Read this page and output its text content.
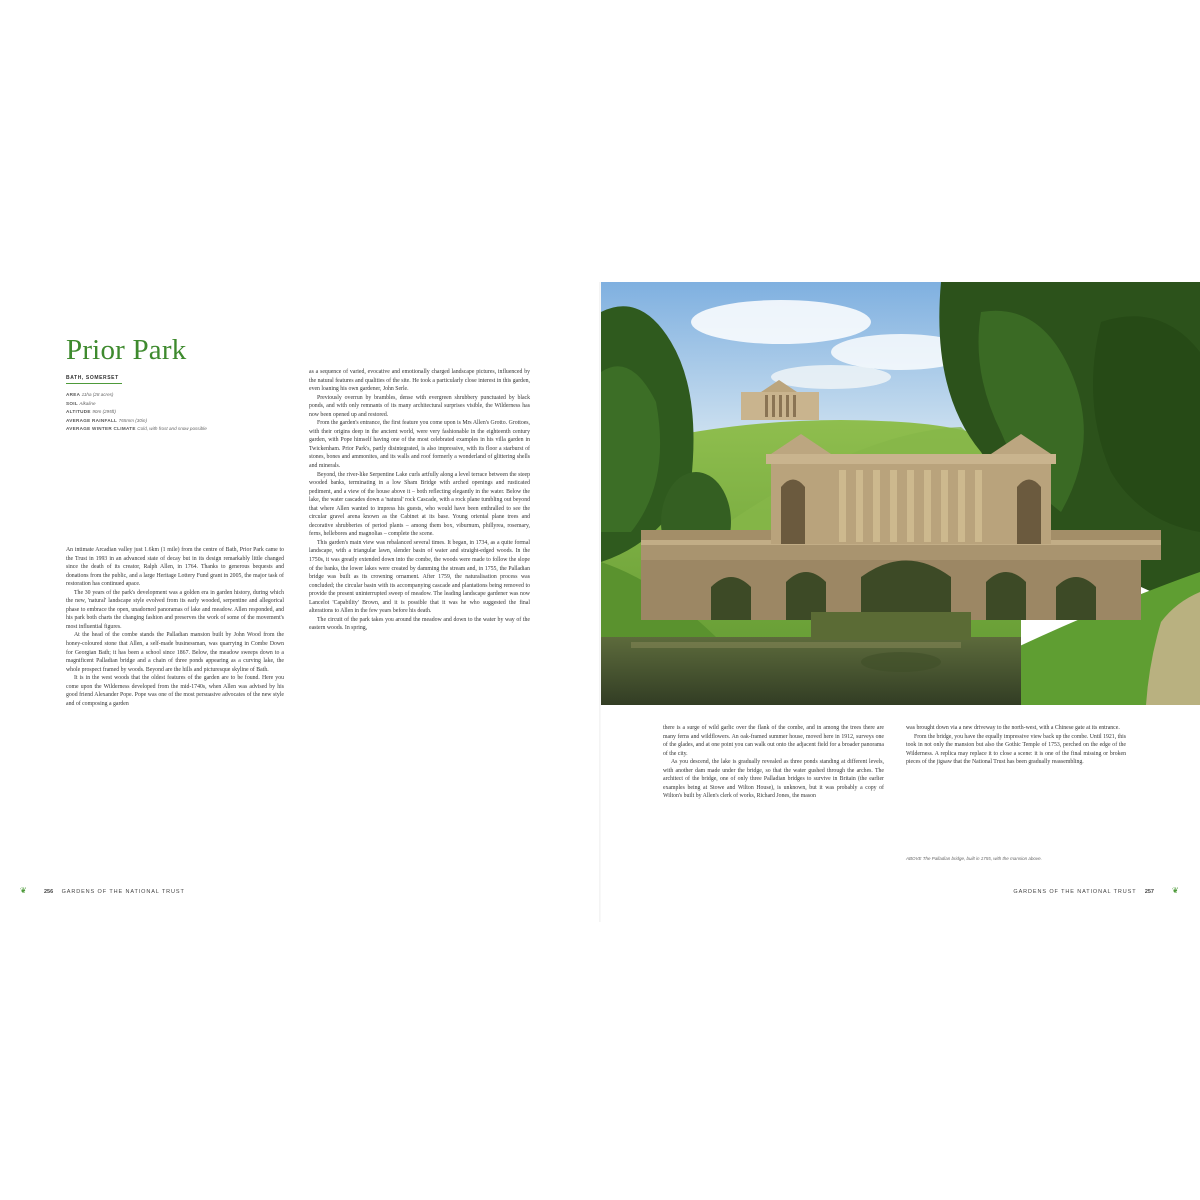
Prior Park
BATH, SOMERSET
AREA 11ha (28 acres)
SOIL Alkaline
ALTITUDE 90m (295ft)
AVERAGE RAINFALL 765mm (30in)
AVERAGE WINTER CLIMATE Cold, with frost and snow possible

An intimate Arcadian valley just 1.6km (1 mile) from the centre of Bath, Prior Park came to the Trust in 1993 in an advanced state of decay but in its design remarkably little changed since the death of its creator, Ralph Allen, in 1764. Thanks to generous bequests and donations from the public, and a large Heritage Lottery Fund grant in 2005, the major task of restoration has continued apace.

The 30 years of the park's development was a golden era in garden history, during which the new, 'natural' landscape style evolved from its early wooded, serpentine and allegorical phase to embrace the open, unadorned panoramas of lake and meadow. Allen responded, and his park both charts the changing fashion and preserves the work of some of the movement's most influential figures.

At the head of the combe stands the Palladian mansion built by John Wood from the honey-coloured stone that Allen, a self-made businessman, was quarrying in Combe Down for Georgian Bath; it has been a school since 1867. Below, the meadow sweeps down to a magnificent Palladian bridge and a chain of three ponds appearing as a curving lake, the whole prospect framed by woods. Beyond are the hills and picturesque skyline of Bath.

It is in the west woods that the oldest features of the garden are to be found. Here you come upon the Wilderness developed from the mid-1740s, when Allen was advised by his good friend Alexander Pope. Pope was one of the most persuasive advocates of the new style and of composing a garden

as a sequence of varied, evocative and emotionally charged landscape pictures, influenced by the natural features and qualities of the site. He took a particularly close interest in this garden, even loaning his own gardener, John Serle.

Previously overrun by brambles, dense with evergreen shrubbery punctuated by black ponds, and with only remnants of its many architectural surprises visible, the Wilderness has now been opened up and restored.

From the garden's entrance, the first feature you come upon is Mrs Allen's Grotto. Grottoes, with their origins deep in the ancient world, were very fashionable in the eighteenth century garden, with Pope himself having one of the most celebrated examples in his villa garden in Twickenham. Prior Park's, partly disintegrated, is also impressive, with its floor a starburst of stones, bones and ammonites, and its walls and roof formerly a wonderland of glittering shells and minerals.

Beyond, the river-like Serpentine Lake curls artfully along a level terrace between the steep wooded banks, terminating in a low Sham Bridge with arched openings and rusticated pediment, and a view of the house above it – both reflecting elegantly in the water. Below the lake, the water cascades down a 'natural' rock Cascade, with a rock plane tumbling out beyond that where Allen wanted to impress his guests, who would have been enthralled to see the circular gravel arena known as the Cabinet at its base. Young oriental plane trees and decorative shrubberies of period plants – among them box, viburnum, phillyrea, rosemary, ferns, hellebores and magnolias – complete the scene.

This garden's main view was rebalanced several times. It began, in 1734, as a quite formal landscape, with a triangular lawn, slender basin of water and straight-edged woods. In the 1750s, it was greatly extended down into the combe, the woods were made to follow the slope of the banks, the lower lakes were created by damming the stream and, in 1755, the Palladian bridge was built as its crowning ornament. After 1759, the naturalisation process was concluded; the circular basin with its accompanying cascade and plantations being removed to provide the present uninterrupted sweep of meadow. The leading landscape gardener was now Lancelot 'Capability' Brown, and it is possible that it was he who suggested the final alterations to Allen in the few years before his death.

The circuit of the park takes you around the meadow and down to the water by way of the eastern woods. In spring,

❦	256 GARDENS OF THE NATIONAL TRUST

there is a surge of wild garlic over the flank of the combe, and in among the trees there are many ferns and wildflowers. An oak-framed summer house, moved here in 1912, surveys one of the glades, and at one point you can walk out onto the adjacent field for a broader panorama of the city.

As you descend, the lake is gradually revealed as three ponds standing at different levels, with another dam made under the bridge, so that the water gushed through the arches. The architect of the bridge, one of only three Palladian bridges to survive in Britain (the earlier examples being at Stowe and Wilton House), is unknown, but it was probably a copy of Wilton's built by Allen's clerk of works, Richard Jones, the mason

was brought down via a new driveway to the north-west, with a Chinese gate at its entrance.

From the bridge, you have the equally impressive view back up the combe. Until 1921, this took in not only the mansion but also the Gothic Temple of 1753, perched on the edge of the Wilderness. A replica may replace it to close a scene: it is one of the final missing or broken pieces of the jigsaw that the National Trust has been gradually reassembling.

ABOVE The Palladian bridge, built in 1755, with the mansion above.
GARDENS OF THE NATIONAL TRUST 257	❦
